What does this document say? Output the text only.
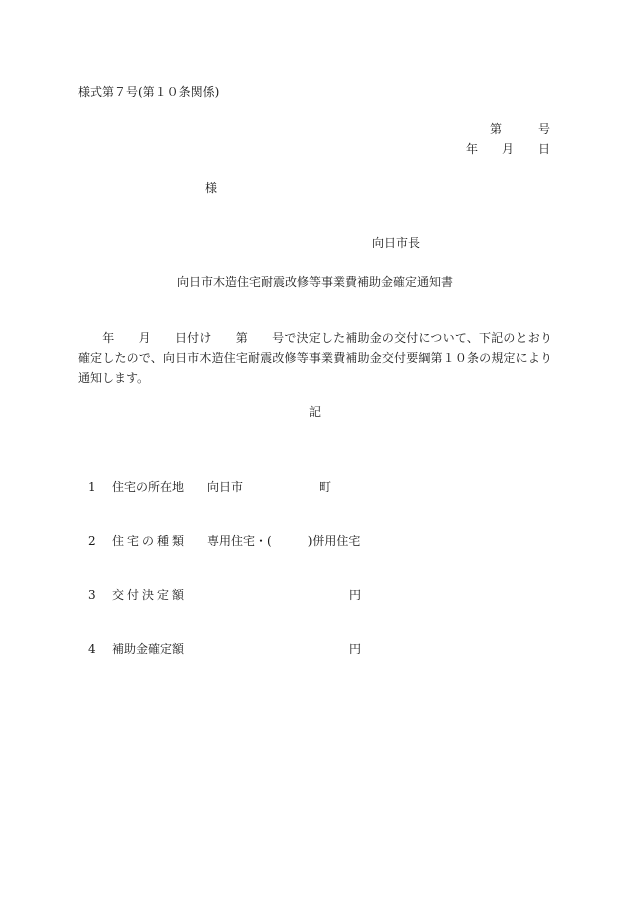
様式第７号(第１０条関係)
第	号
年 月 日
様
向日市長
向日市木造住宅耐震改修等事業費補助金確定通知書
年 月 日付け 第 号で決定した補助金の交付について、下記のとおり確定したので、向日市木造住宅耐震改修等事業費補助金交付要綱第１０条の規定により通知します。
記
1	住宅の所在地 向日市	町
2	住宅の種類 専用住宅・(	)併用住宅
3	交付決定額	円
4	補助金確定額	円
